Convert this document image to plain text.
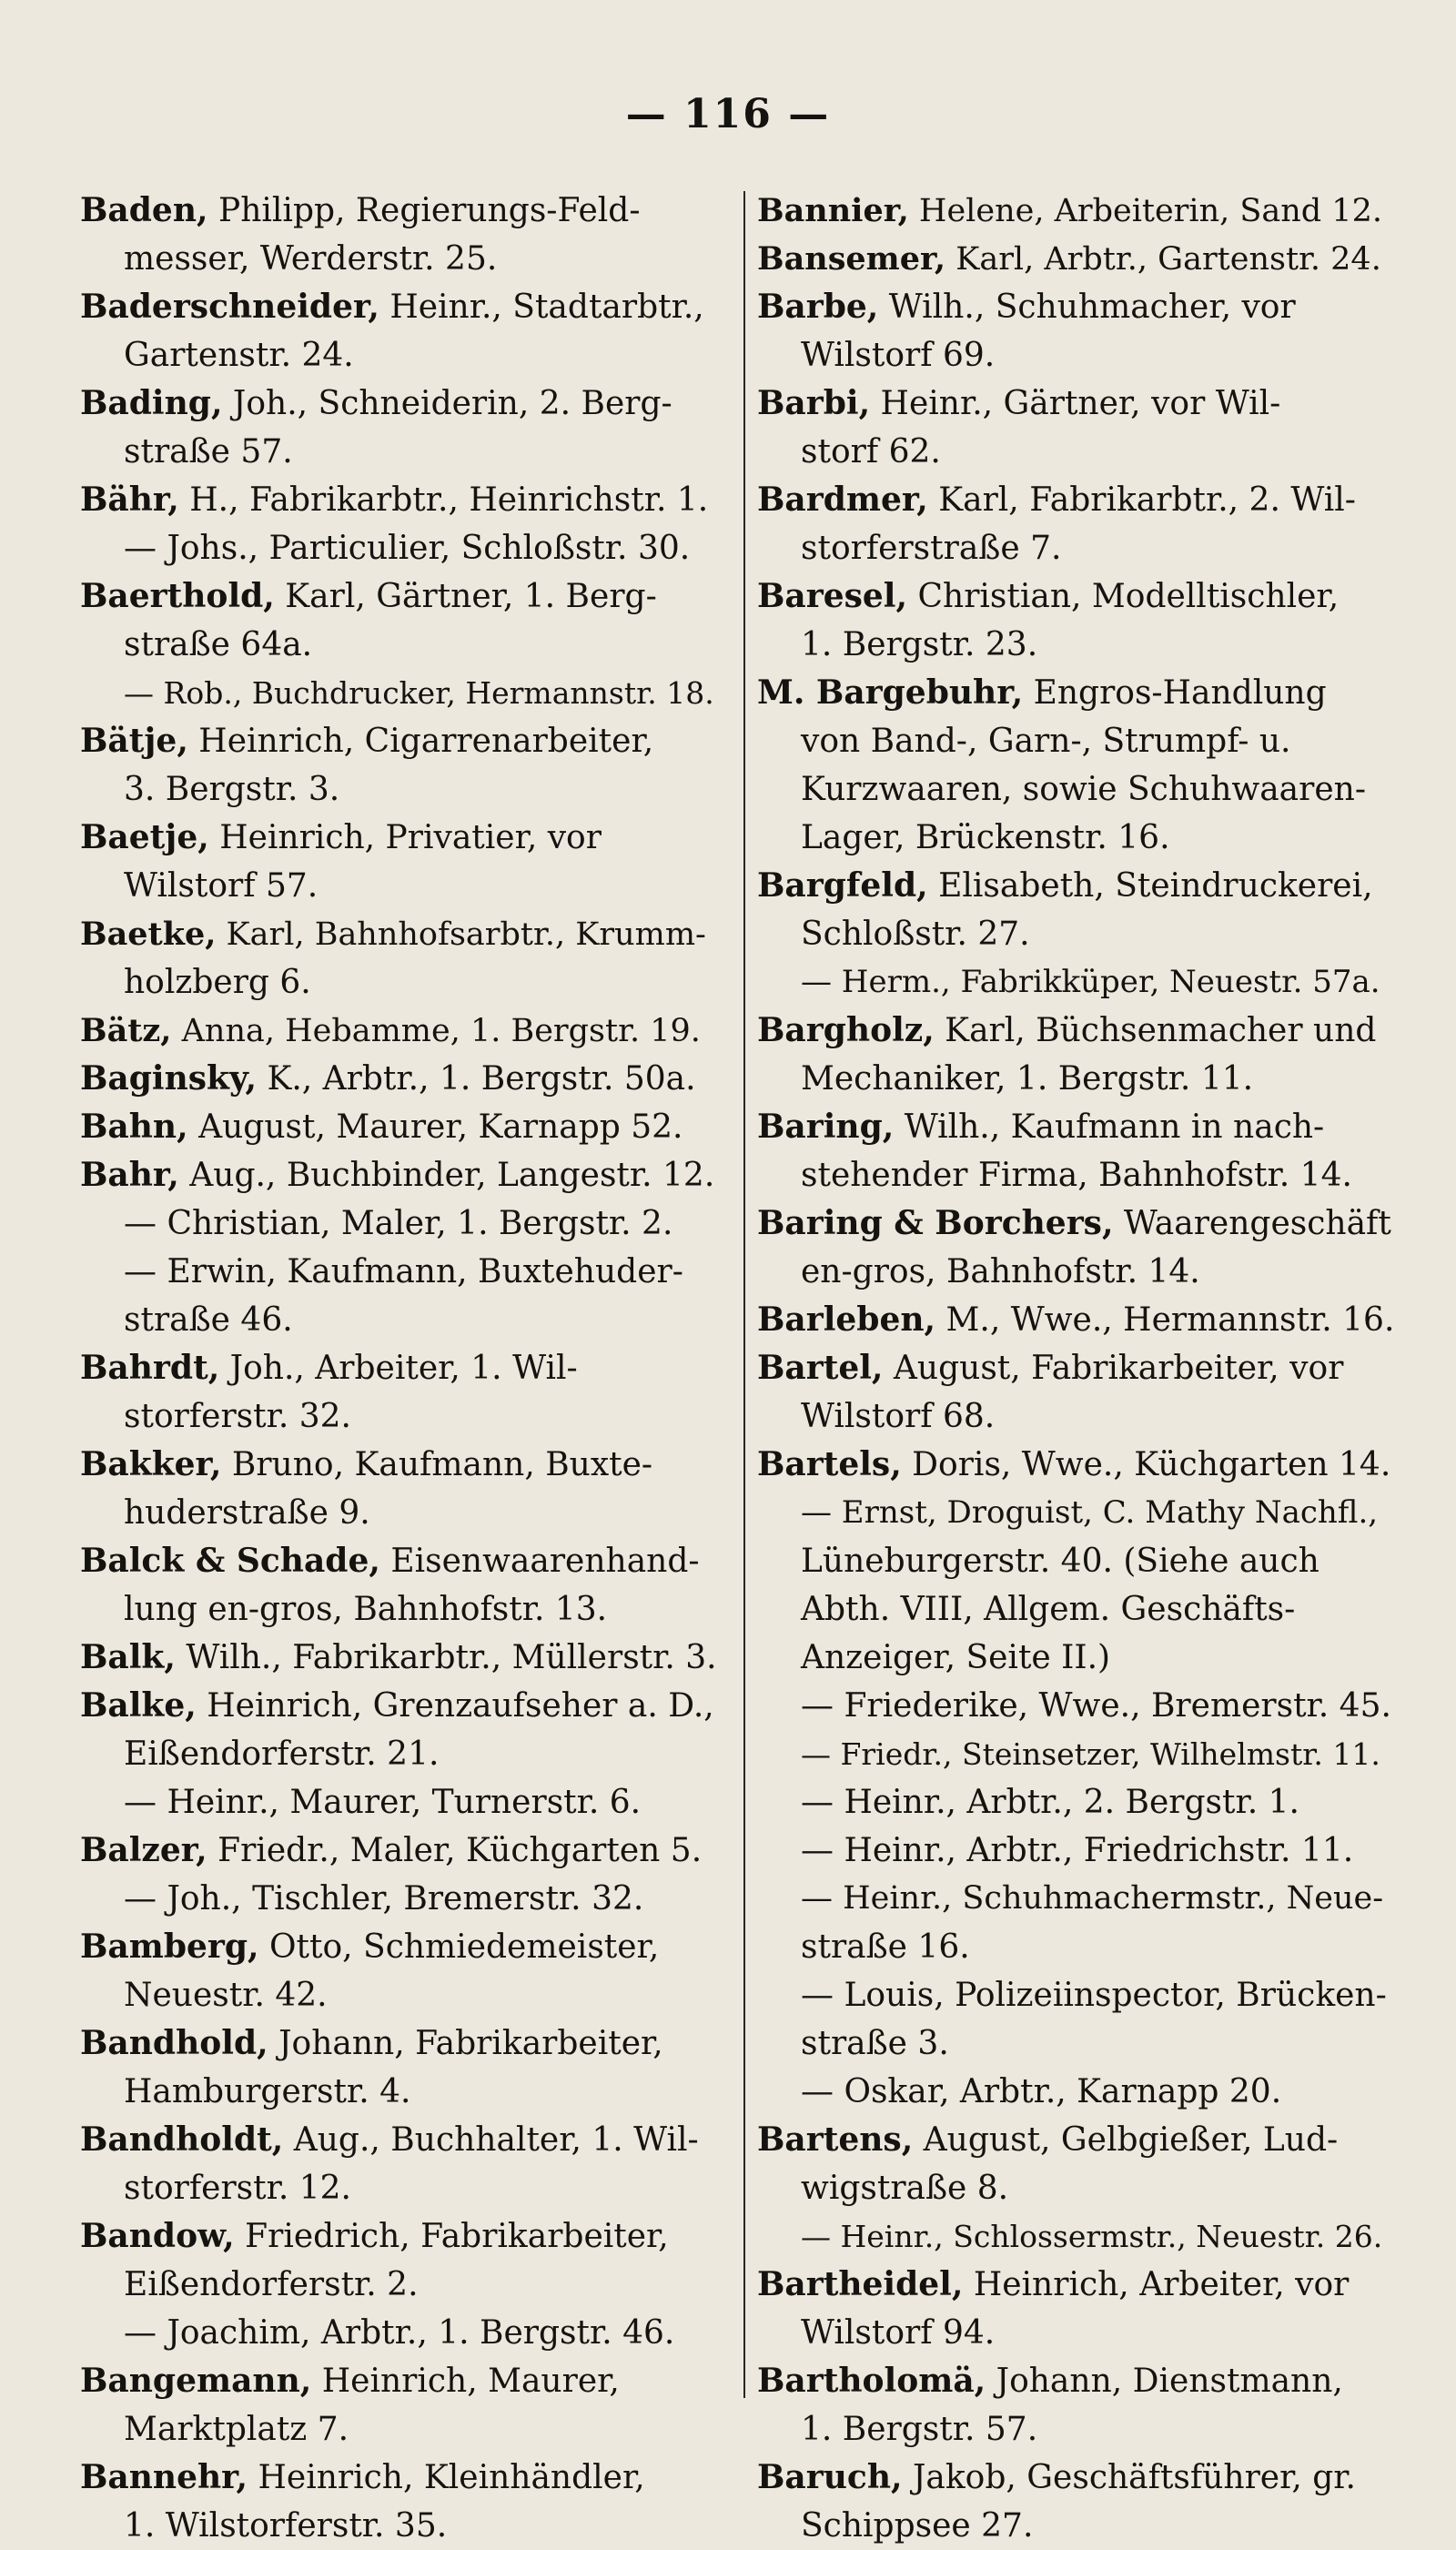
— 116 —
Baden, Philipp, Regierungs-Feld-
messer, Werderstr. 25.
Baderschneider, Heinr., Stadtarbtr.,
Gartenstr. 24.
Bading, Joh., Schneiderin, 2. Berg-
straße 57.
Bähr, H., Fabrikarbtr., Heinrichstr. 1.
— Johs., Particulier, Schloßstr. 30.
Baerthold, Karl, Gärtner, 1. Berg-
straße 64a.
— Rob., Buchdrucker, Hermannstr. 18.
Bätje, Heinrich, Cigarrenarbeiter,
3. Bergstr. 3.
Baetje, Heinrich, Privatier, vor
Wilstorf 57.
Baetke, Karl, Bahnhofsarbtr., Krumm-
holzberg 6.
Bätz, Anna, Hebamme, 1. Bergstr. 19.
Baginsky, K., Arbtr., 1. Bergstr. 50a.
Bahn, August, Maurer, Karnapp 52.
Bahr, Aug., Buchbinder, Langestr. 12.
— Christian, Maler, 1. Bergstr. 2.
— Erwin, Kaufmann, Buxtehuder-
straße 46.
Bahrdt, Joh., Arbeiter, 1. Wil-
storferstr. 32.
Bakker, Bruno, Kaufmann, Buxte-
huderstraße 9.
Balck & Schade, Eisenwaarenhand-
lung en-gros, Bahnhofstr. 13.
Balk, Wilh., Fabrikarbtr., Müllerstr. 3.
Balke, Heinrich, Grenzaufseher a. D.,
Eißendorferstr. 21.
— Heinr., Maurer, Turnerstr. 6.
Balzer, Friedr., Maler, Küchgarten 5.
— Joh., Tischler, Bremerstr. 32.
Bamberg, Otto, Schmiedemeister,
Neuestr. 42.
Bandhold, Johann, Fabrikarbeiter,
Hamburgerstr. 4.
Bandholdt, Aug., Buchhalter, 1. Wil-
storferstr. 12.
Bandow, Friedrich, Fabrikarbeiter,
Eißendorferstr. 2.
— Joachim, Arbtr., 1. Bergstr. 46.
Bangemann, Heinrich, Maurer,
Marktplatz 7.
Bannehr, Heinrich, Kleinhändler,
1. Wilstorferstr. 35.
Bannier, Helene, Arbeiterin, Sand 12.
Bansemer, Karl, Arbtr., Gartenstr. 24.
Barbe, Wilh., Schuhmacher, vor
Wilstorf 69.
Barbi, Heinr., Gärtner, vor Wil-
storf 62.
Bardmer, Karl, Fabrikarbtr., 2. Wil-
storferstraße 7.
Baresel, Christian, Modelltischler,
1. Bergstr. 23.
M. Bargebuhr, Engros-Handlung
von Band-, Garn-, Strumpf- u.
Kurzwaaren, sowie Schuhwaaren-
Lager, Brückenstr. 16.
Bargfeld, Elisabeth, Steindruckerei,
Schloßstr. 27.
— Herm., Fabrikküper, Neuestr. 57a.
Bargholz, Karl, Büchsenmacher und
Mechaniker, 1. Bergstr. 11.
Baring, Wilh., Kaufmann in nach-
stehender Firma, Bahnhofstr. 14.
Baring & Borchers, Waarengeschäft
en-gros, Bahnhofstr. 14.
Barleben, M., Wwe., Hermannstr. 16.
Bartel, August, Fabrikarbeiter, vor
Wilstorf 68.
Bartels, Doris, Wwe., Küchgarten 14.
— Ernst, Droguist, C. Mathy Nachfl.,
Lüneburgerstr. 40. (Siehe auch
Abth. VIII, Allgem. Geschäfts-
Anzeiger, Seite II.)
— Friederike, Wwe., Bremerstr. 45.
— Friedr., Steinsetzer, Wilhelmstr. 11.
— Heinr., Arbtr., 2. Bergstr. 1.
— Heinr., Arbtr., Friedrichstr. 11.
— Heinr., Schuhmachermstr., Neue-
straße 16.
— Louis, Polizeiinspector, Brücken-
straße 3.
— Oskar, Arbtr., Karnapp 20.
Bartens, August, Gelbgießer, Lud-
wigstraße 8.
— Heinr., Schlossermstr., Neuestr. 26.
Bartheidel, Heinrich, Arbeiter, vor
Wilstorf 94.
Bartholomä, Johann, Dienstmann,
1. Bergstr. 57.
Baruch, Jakob, Geschäftsführer, gr.
Schippsee 27.
